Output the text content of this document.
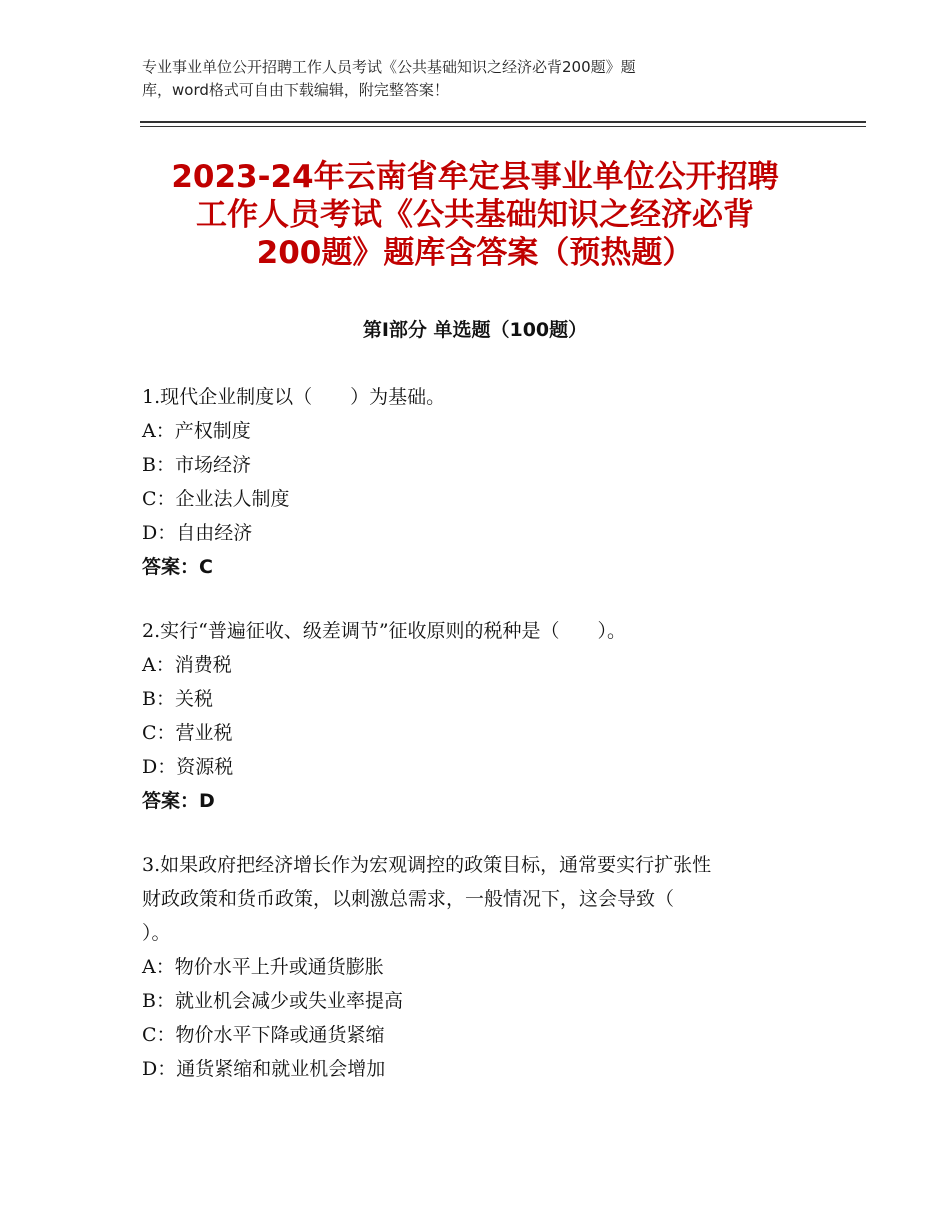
专业事业单位公开招聘工作人员考试《公共基础知识之经济必背200题》题
库，word格式可自由下载编辑，附完整答案！
2023-24年云南省牟定县事业单位公开招聘
工作人员考试《公共基础知识之经济必背
200题》题库含答案（预热题）
第Ⅰ部分 单选题（100题）
1.现代企业制度以（　　）为基础。
A：产权制度
B：市场经济
C：企业法人制度
D：自由经济
答案：C
2.实行“普遍征收、级差调节”征收原则的税种是（　　）。
A：消费税
B：关税
C：营业税
D：资源税
答案：D
3.如果政府把经济增长作为宏观调控的政策目标，通常要实行扩张性
财政政策和货币政策，以刺激总需求，一般情况下，这会导致（
）。
A：物价水平上升或通货膨胀
B：就业机会减少或失业率提高
C：物价水平下降或通货紧缩
D：通货紧缩和就业机会增加
